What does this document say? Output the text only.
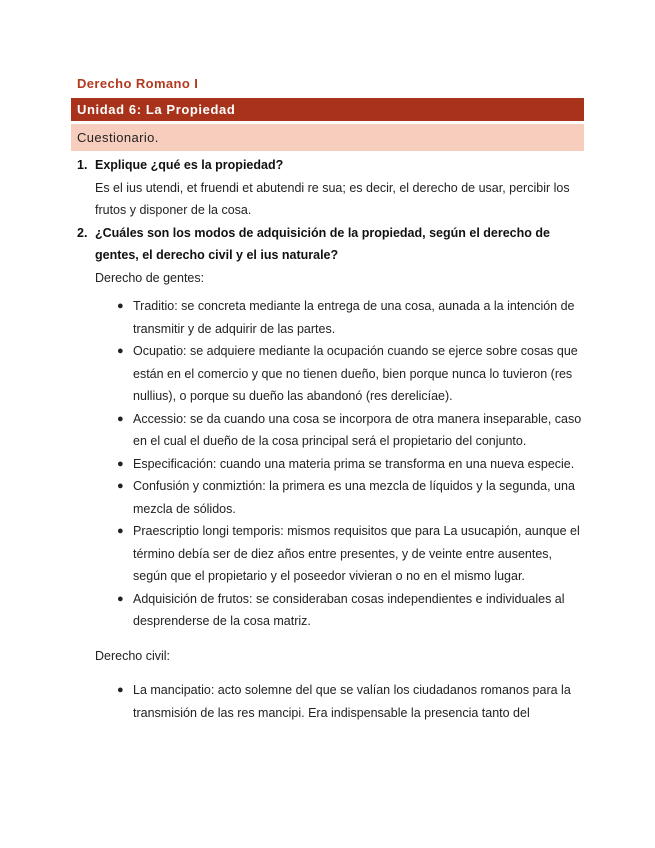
Derecho Romano I
Unidad 6: La Propiedad
Cuestionario.
1. Explique ¿qué es la propiedad?
Es el ius utendi, et fruendi et abutendi re sua; es decir, el derecho de usar, percibir los frutos y disponer de la cosa.
2. ¿Cuáles son los modos de adquisición de la propiedad, según el derecho de gentes, el derecho civil y el ius naturale?
Derecho de gentes:
● Traditio: se concreta mediante la entrega de una cosa, aunada a la intención de transmitir y de adquirir de las partes.
● Ocupatio: se adquiere mediante la ocupación cuando se ejerce sobre cosas que están en el comercio y que no tienen dueño, bien porque nunca lo tuvieron (res nullius), o porque su dueño las abandonó (res derelicíae).
● Accessio: se da cuando una cosa se incorpora de otra manera inseparable, caso en el cual el dueño de la cosa principal será el propietario del conjunto.
● Especificación: cuando una materia prima se transforma en una nueva especie.
● Confusión y conmiztión: la primera es una mezcla de líquidos y la segunda, una mezcla de sólidos.
● Praescriptio longi temporis: mismos requisitos que para La usucapión, aunque el término debía ser de diez años entre presentes, y de veinte entre ausentes, según que el propietario y el poseedor vivieran o no en el mismo lugar.
● Adquisición de frutos: se consideraban cosas independientes e individuales al desprenderse de la cosa matriz.
Derecho civil:
● La mancipatio: acto solemne del que se valían los ciudadanos romanos para la transmisión de las res mancipi. Era indispensable la presencia tanto del
